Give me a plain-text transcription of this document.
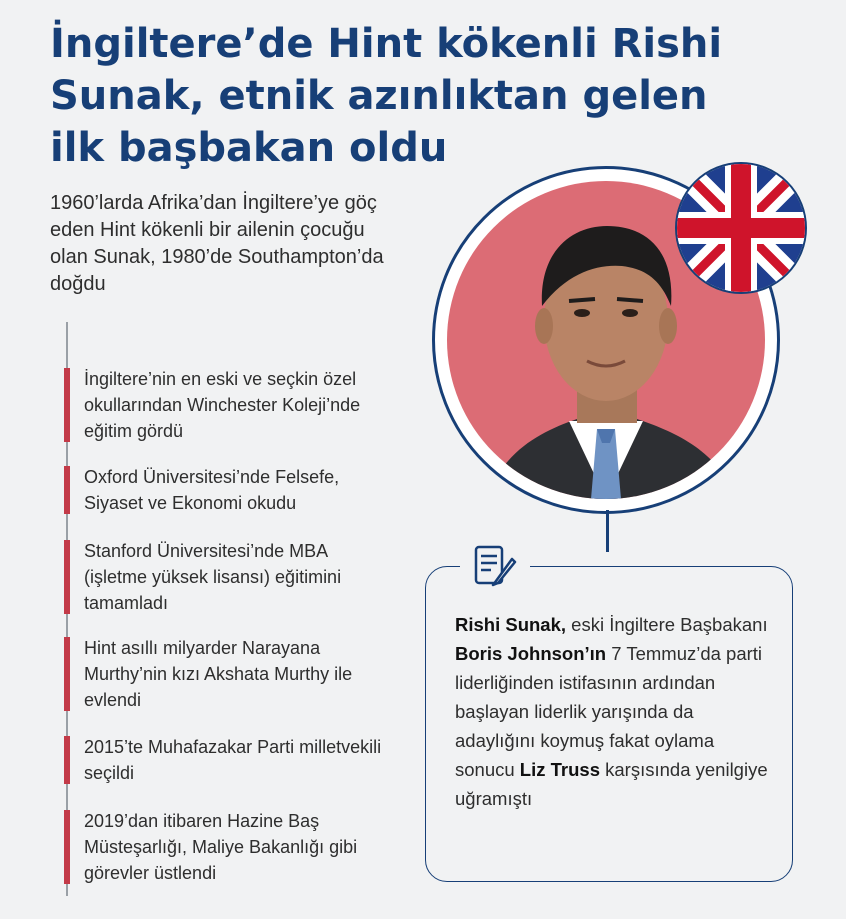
İngiltere’de Hint kökenli Rishi
Sunak, etnik azınlıktan gelen
ilk başbakan oldu
1960’larda Afrika’dan İngiltere’ye göç eden Hint kökenli bir ailenin çocuğu olan Sunak, 1980’de Southampton’da doğdu
İngiltere’nin en eski ve seçkin özel okullarından Winchester Koleji’nde eğitim gördü
Oxford Üniversitesi’nde Felsefe, Siyaset ve Ekonomi okudu
Stanford Üniversitesi’nde MBA (işletme yüksek lisansı) eğitimini tamamladı
Hint asıllı milyarder Narayana Murthy’nin kızı Akshata Murthy ile evlendi
2015’te Muhafazakar Parti milletvekili seçildi
2019’dan itibaren Hazine Baş Müsteşarlığı, Maliye Bakanlığı gibi görevler üstlendi
Rishi Sunak, eski İngiltere Başbakanı Boris Johnson’ın 7 Temmuz’da parti liderliğinden istifasının ardından başlayan liderlik yarışında da adaylığını koymuş fakat oylama sonucu Liz Truss karşısında yenilgiye uğramıştı
